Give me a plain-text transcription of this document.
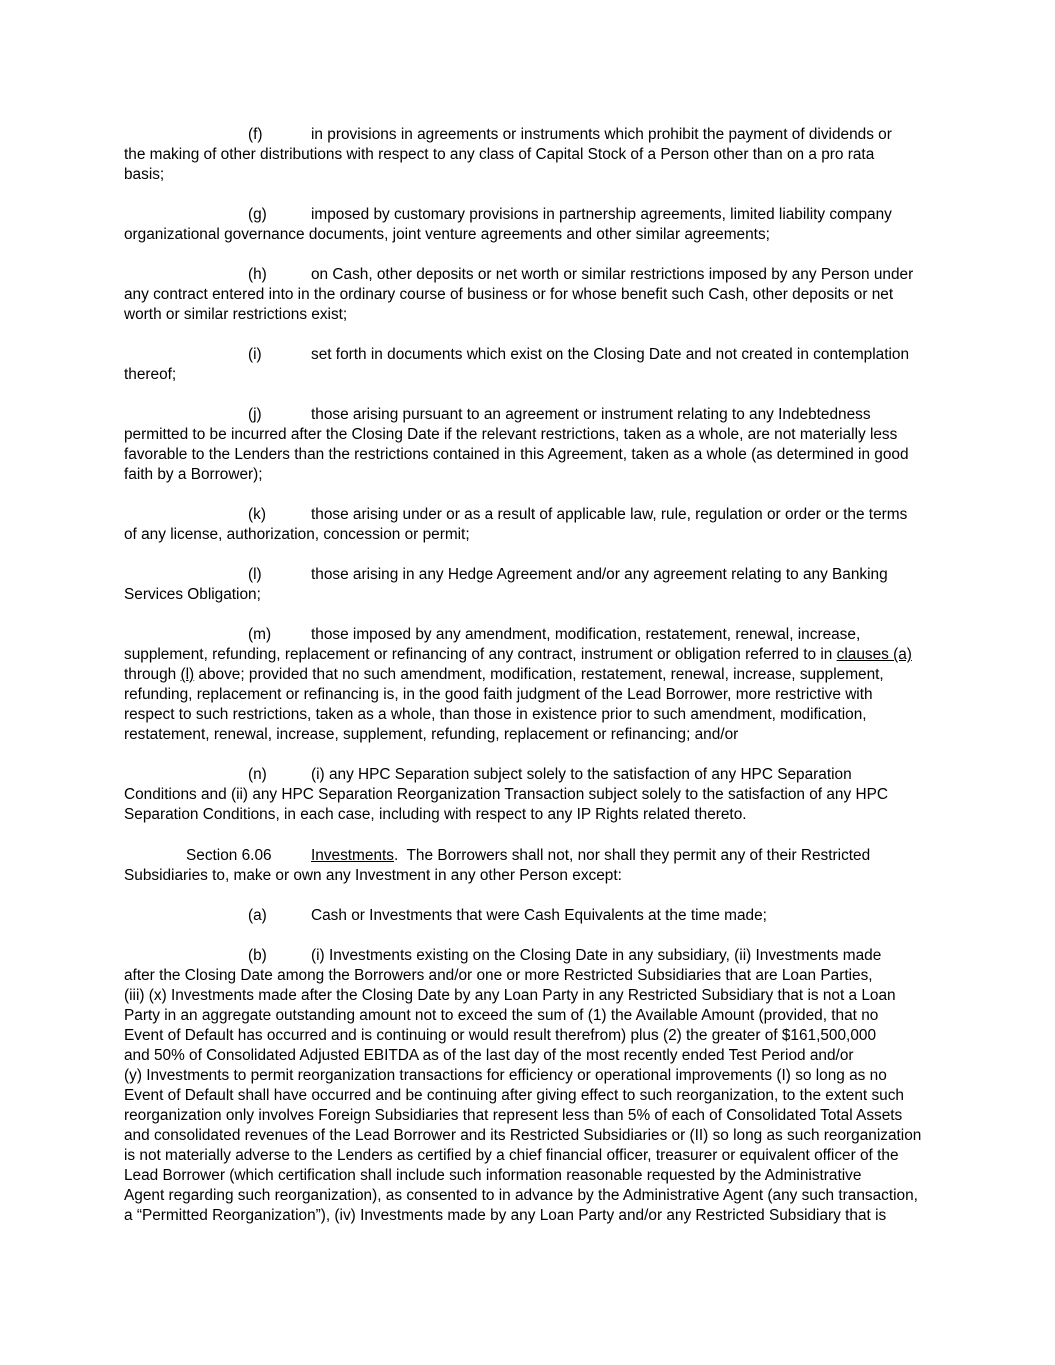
(f)	in provisions in agreements or instruments which prohibit the payment of dividends or

the making of other distributions with respect to any class of Capital Stock of a Person other than on a pro rata

basis;

(g)	imposed by customary provisions in partnership agreements, limited liability company

organizational governance documents, joint venture agreements and other similar agreements;

(h)	on Cash, other deposits or net worth or similar restrictions imposed by any Person under

any contract entered into in the ordinary course of business or for whose benefit such Cash, other deposits or net

worth or similar restrictions exist;

(i)	set forth in documents which exist on the Closing Date and not created in contemplation

thereof;

(j)	those arising pursuant to an agreement or instrument relating to any Indebtedness

permitted to be incurred after the Closing Date if the relevant restrictions, taken as a whole, are not materially less

favorable to the Lenders than the restrictions contained in this Agreement, taken as a whole (as determined in good

faith by a Borrower);

(k)	those arising under or as a result of applicable law, rule, regulation or order or the terms

of any license, authorization, concession or permit;

(l)	those arising in any Hedge Agreement and/or any agreement relating to any Banking

Services Obligation;

(m)	those imposed by any amendment, modification, restatement, renewal, increase,

supplement, refunding, replacement or refinancing of any contract, instrument or obligation referred to in clauses (a)

through (l) above; provided that no such amendment, modification, restatement, renewal, increase, supplement,

refunding, replacement or refinancing is, in the good faith judgment of the Lead Borrower, more restrictive with

respect to such restrictions, taken as a whole, than those in existence prior to such amendment, modification,

restatement, renewal, increase, supplement, refunding, replacement or refinancing; and/or

(n)	(i) any HPC Separation subject solely to the satisfaction of any HPC Separation

Conditions and (ii) any HPC Separation Reorganization Transaction subject solely to the satisfaction of any HPC

Separation Conditions, in each case, including with respect to any IP Rights related thereto.

Section 6.06	Investments.  The Borrowers shall not, nor shall they permit any of their Restricted

Subsidiaries to, make or own any Investment in any other Person except:

(a)	Cash or Investments that were Cash Equivalents at the time made;

(b)	(i) Investments existing on the Closing Date in any subsidiary, (ii) Investments made

after the Closing Date among the Borrowers and/or one or more Restricted Subsidiaries that are Loan Parties,

(iii) (x) Investments made after the Closing Date by any Loan Party in any Restricted Subsidiary that is not a Loan

Party in an aggregate outstanding amount not to exceed the sum of (1) the Available Amount (provided, that no

Event of Default has occurred and is continuing or would result therefrom) plus (2) the greater of $161,500,000

and 50% of Consolidated Adjusted EBITDA as of the last day of the most recently ended Test Period and/or

(y) Investments to permit reorganization transactions for efficiency or operational improvements (I) so long as no

Event of Default shall have occurred and be continuing after giving effect to such reorganization, to the extent such

reorganization only involves Foreign Subsidiaries that represent less than 5% of each of Consolidated Total Assets

and consolidated revenues of the Lead Borrower and its Restricted Subsidiaries or (II) so long as such reorganization

is not materially adverse to the Lenders as certified by a chief financial officer, treasurer or equivalent officer of the

Lead Borrower (which certification shall include such information reasonable requested by the Administrative

Agent regarding such reorganization), as consented to in advance by the Administrative Agent (any such transaction,

a “Permitted Reorganization”), (iv) Investments made by any Loan Party and/or any Restricted Subsidiary that is
